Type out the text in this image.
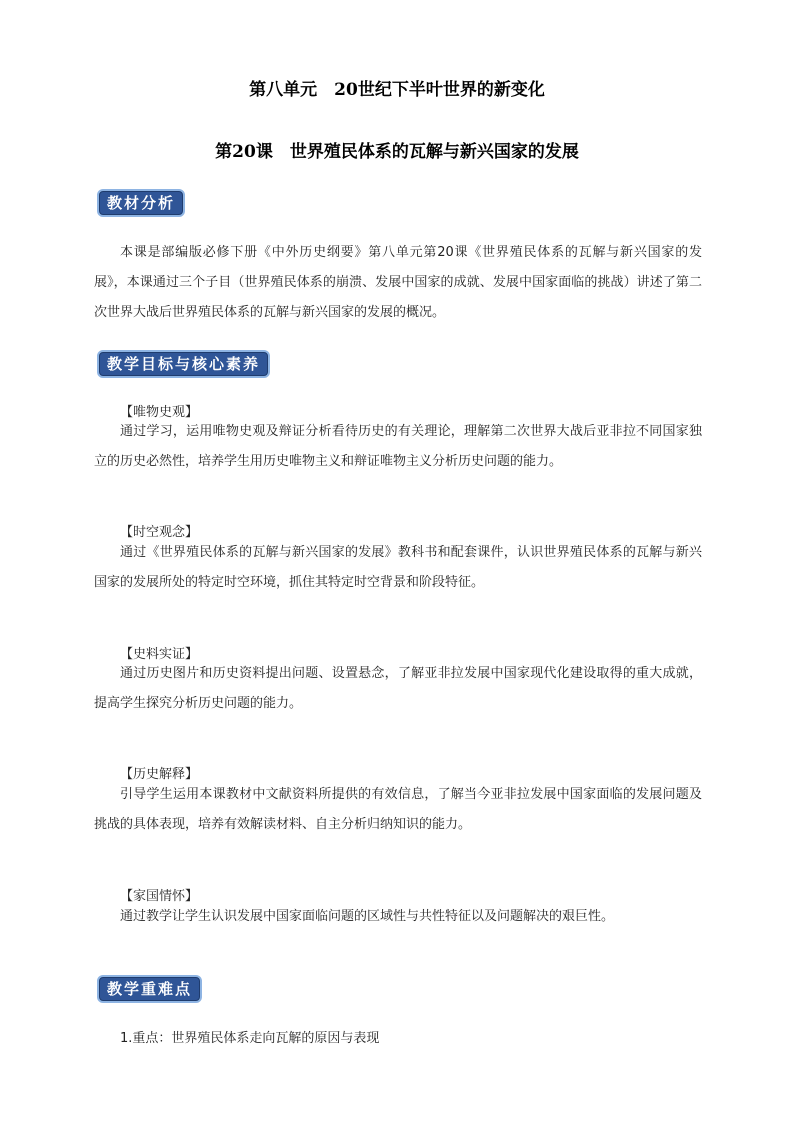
第八单元　20世纪下半叶世界的新变化
第20课　世界殖民体系的瓦解与新兴国家的发展
教材分析

本课是部编版必修下册《中外历史纲要》第八单元第20课《世界殖民体系的瓦解与新兴国家的发展》，本课通过三个子目（世界殖民体系的崩溃、发展中国家的成就、发展中国家面临的挑战）讲述了第二次世界大战后世界殖民体系的瓦解与新兴国家的发展的概况。

教学目标与核心素养
【唯物史观】

通过学习，运用唯物史观及辩证分析看待历史的有关理论，理解第二次世界大战后亚非拉不同国家独立的历史必然性，培养学生用历史唯物主义和辩证唯物主义分析历史问题的能力。

【时空观念】

通过《世界殖民体系的瓦解与新兴国家的发展》教科书和配套课件，认识世界殖民体系的瓦解与新兴国家的发展所处的特定时空环境，抓住其特定时空背景和阶段特征。

【史料实证】

通过历史图片和历史资料提出问题、设置悬念，了解亚非拉发展中国家现代化建设取得的重大成就，提高学生探究分析历史问题的能力。

【历史解释】

引导学生运用本课教材中文献资料所提供的有效信息，了解当今亚非拉发展中国家面临的发展问题及挑战的具体表现，培养有效解读材料、自主分析归纳知识的能力。

【家国情怀】

通过教学让学生认识发展中国家面临问题的区域性与共性特征以及问题解决的艰巨性。

教学重难点
1.重点：世界殖民体系走向瓦解的原因与表现
